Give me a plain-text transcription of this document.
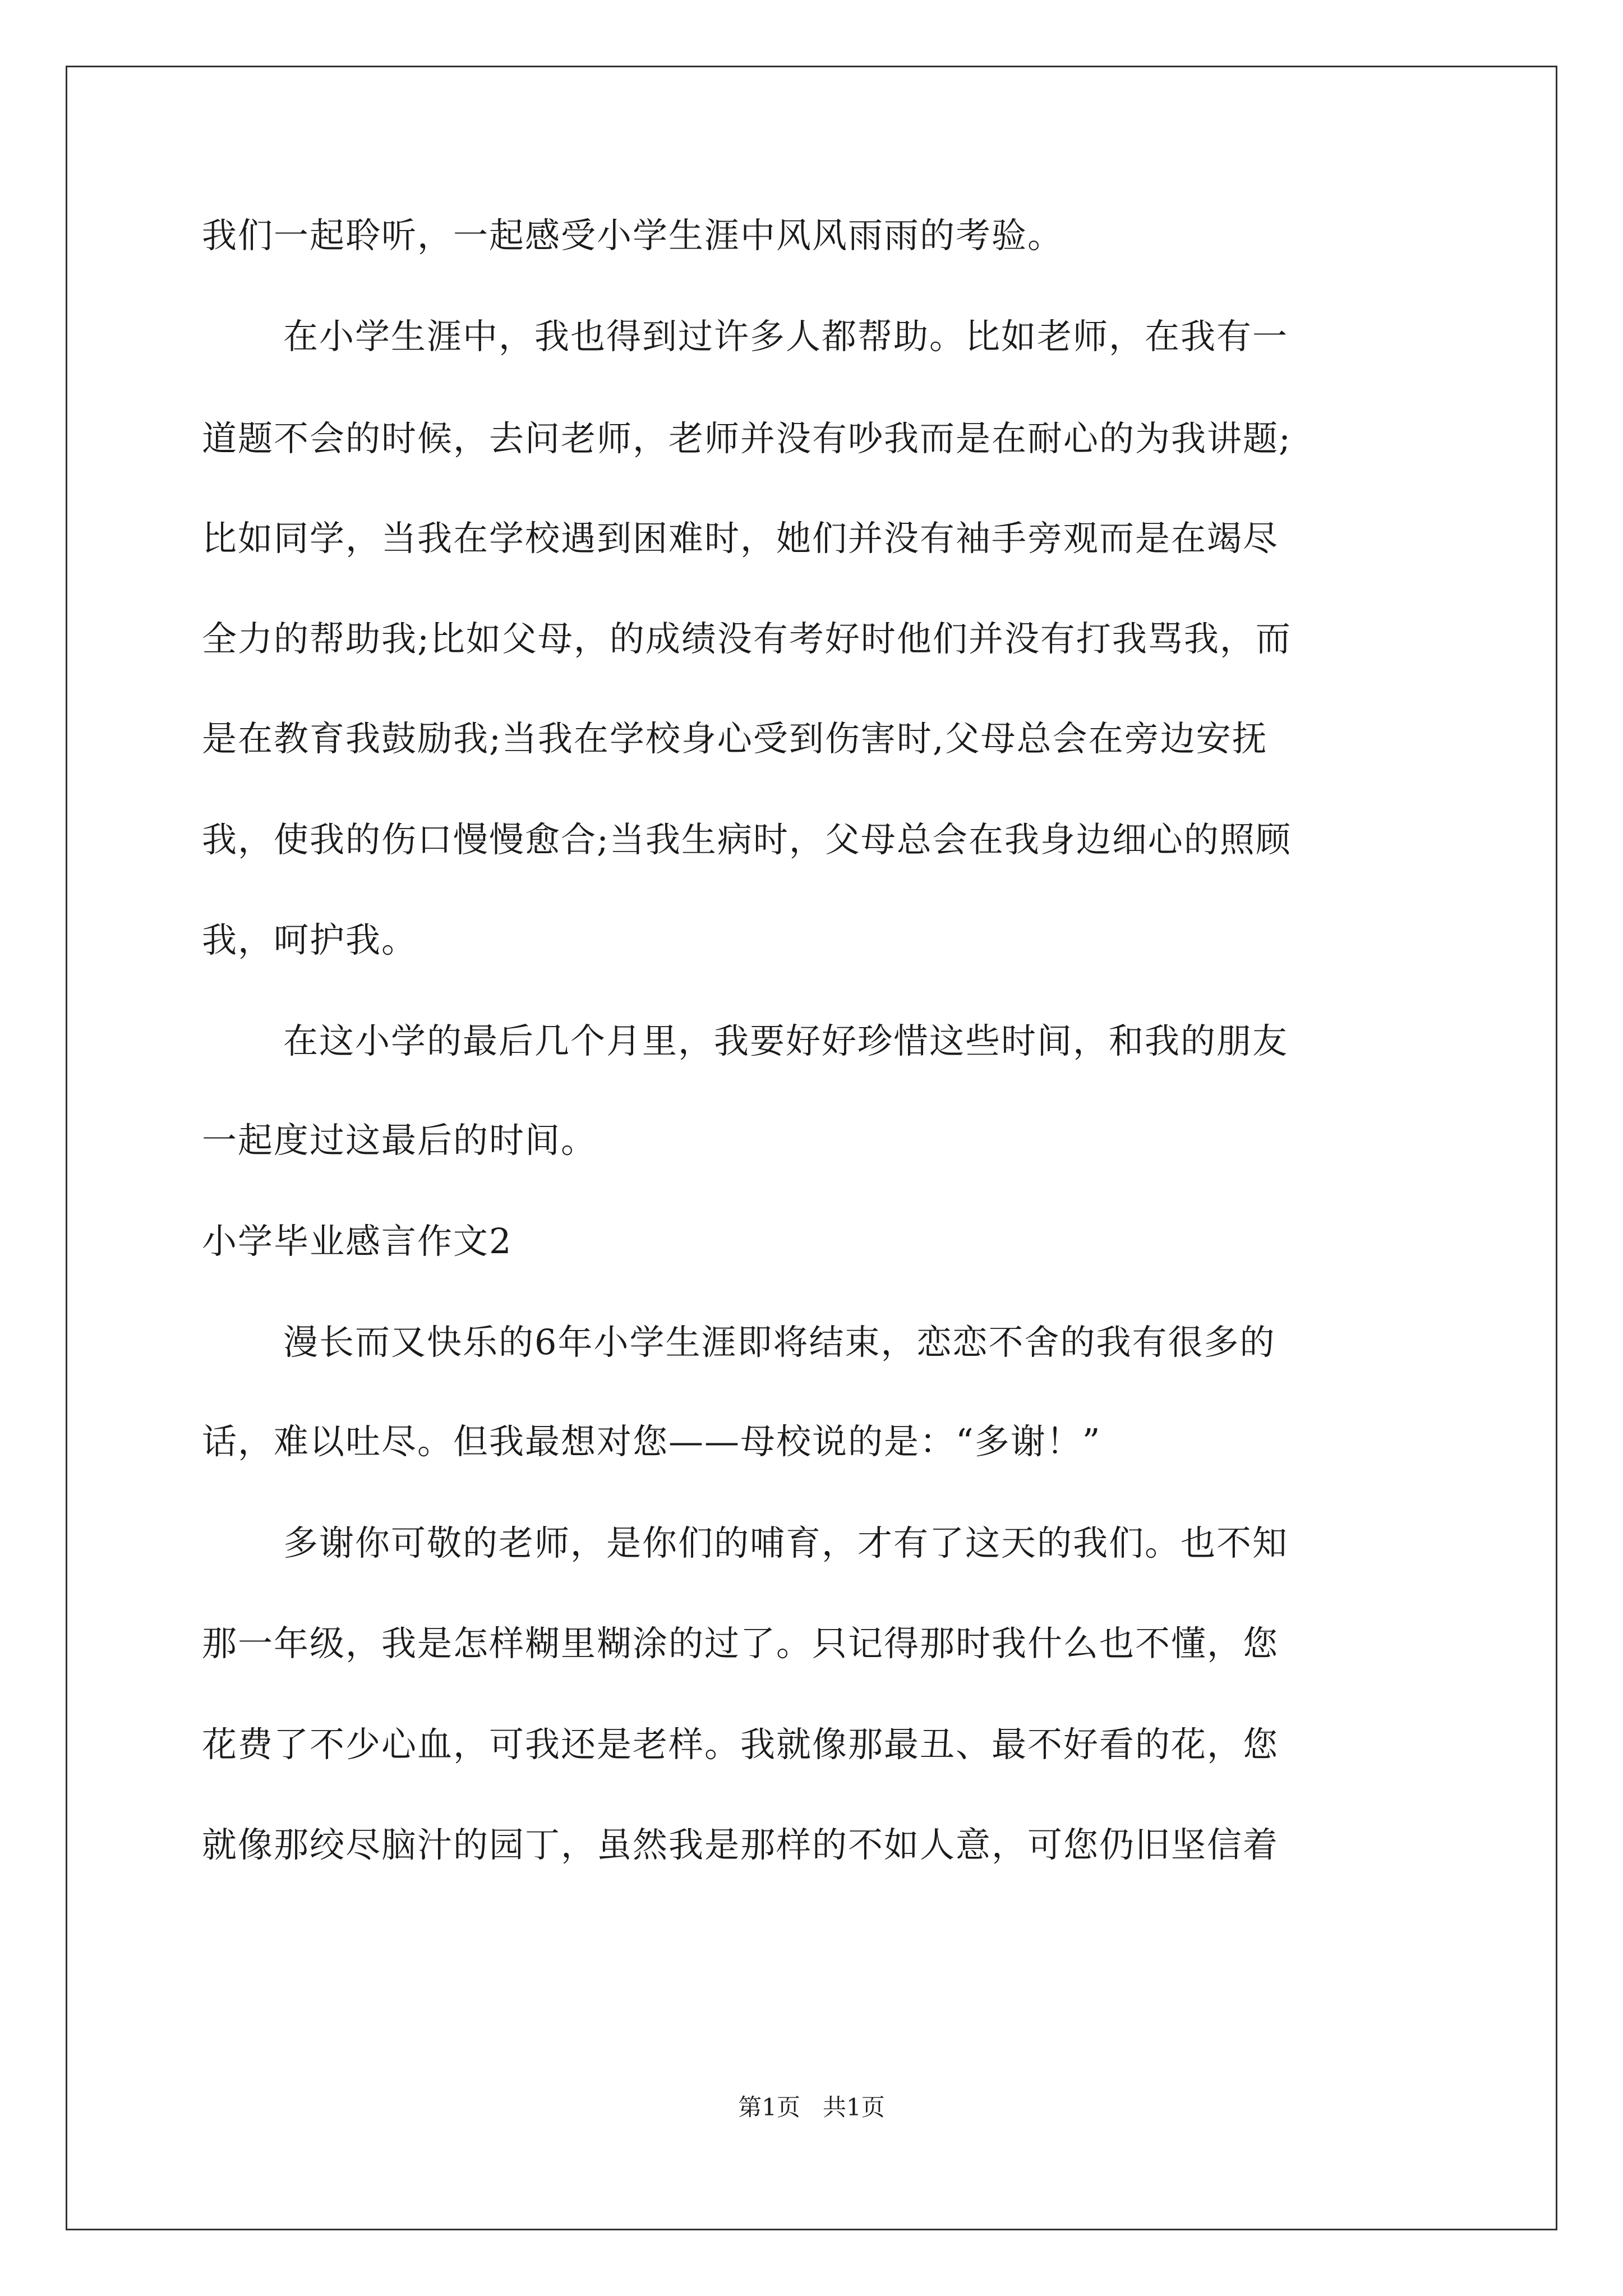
我们一起聆听，一起感受小学生涯中风风雨雨的考验。
在小学生涯中，我也得到过许多人都帮助。比如老师，在我有一
道题不会的时候，去问老师，老师并没有吵我而是在耐心的为我讲题;
比如同学，当我在学校遇到困难时，她们并没有袖手旁观而是在竭尽
全力的帮助我;比如父母，的成绩没有考好时他们并没有打我骂我，而
是在教育我鼓励我;当我在学校身心受到伤害时,父母总会在旁边安抚
我，使我的伤口慢慢愈合;当我生病时，父母总会在我身边细心的照顾
我，呵护我。
在这小学的最后几个月里，我要好好珍惜这些时间，和我的朋友
一起度过这最后的时间。
小学毕业感言作文2
漫长而又快乐的6年小学生涯即将结束，恋恋不舍的我有很多的
话，难以吐尽。但我最想对您——母校说的是：“多谢！”
多谢你可敬的老师，是你们的哺育，才有了这天的我们。也不知
那一年级，我是怎样糊里糊涂的过了。只记得那时我什么也不懂，您
花费了不少心血，可我还是老样。我就像那最丑、最不好看的花，您
就像那绞尽脑汁的园丁，虽然我是那样的不如人意，可您仍旧坚信着
第1页   共1页
